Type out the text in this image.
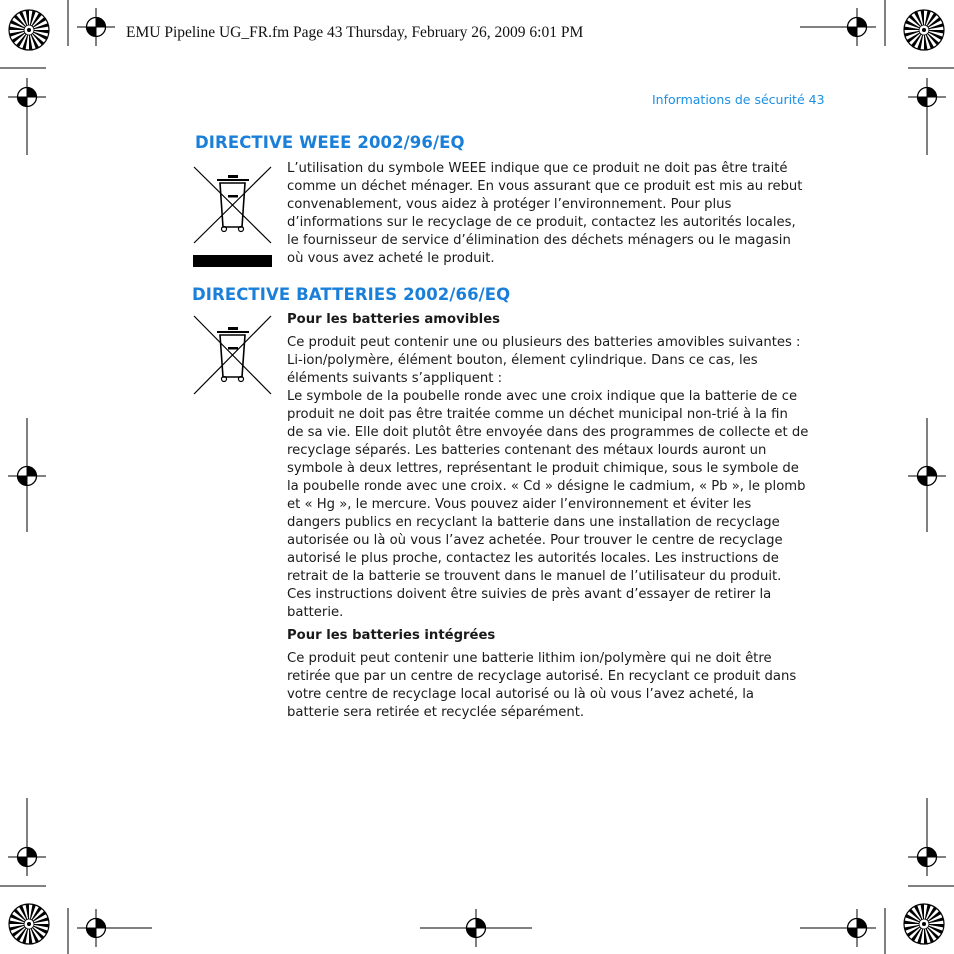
EMU Pipeline UG_FR.fm Page 43 Thursday, February 26, 2009 6:01 PM
Informations de sécurité 43
DIRECTIVE WEEE 2002/96/EQ

L’utilisation du symbole WEEE indique que ce produit ne doit pas être traité

comme un déchet ménager. En vous assurant que ce produit est mis au rebut

convenablement, vous aidez à protéger l’environnement. Pour plus

d’informations sur le recyclage de ce produit, contactez les autorités locales,

le fournisseur de service d’élimination des déchets ménagers ou le magasin

où vous avez acheté le produit.

DIRECTIVE BATTERIES 2002/66/EQ
Pour les batteries amovibles

Ce produit peut contenir une ou plusieurs des batteries amovibles suivantes :

Li-ion/polymère, élément bouton, élement cylindrique. Dans ce cas, les

éléments suivants s’appliquent :

Le symbole de la poubelle ronde avec une croix indique que la batterie de ce

produit ne doit pas être traitée comme un déchet municipal non-trié à la fin

de sa vie. Elle doit plutôt être envoyée dans des programmes de collecte et de

recyclage séparés. Les batteries contenant des métaux lourds auront un

symbole à deux lettres, représentant le produit chimique, sous le symbole de

la poubelle ronde avec une croix. « Cd » désigne le cadmium, « Pb », le plomb

et « Hg », le mercure. Vous pouvez aider l’environnement et éviter les

dangers publics en recyclant la batterie dans une installation de recyclage

autorisée ou là où vous l’avez achetée. Pour trouver le centre de recyclage

autorisé le plus proche, contactez les autorités locales. Les instructions de

retrait de la batterie se trouvent dans le manuel de l’utilisateur du produit.

Ces instructions doivent être suivies de près avant d’essayer de retirer la

batterie.

Pour les batteries intégrées

Ce produit peut contenir une batterie lithim ion/polymère qui ne doit être

retirée que par un centre de recyclage autorisé. En recyclant ce produit dans

votre centre de recyclage local autorisé ou là où vous l’avez acheté, la

batterie sera retirée et recyclée séparément.
